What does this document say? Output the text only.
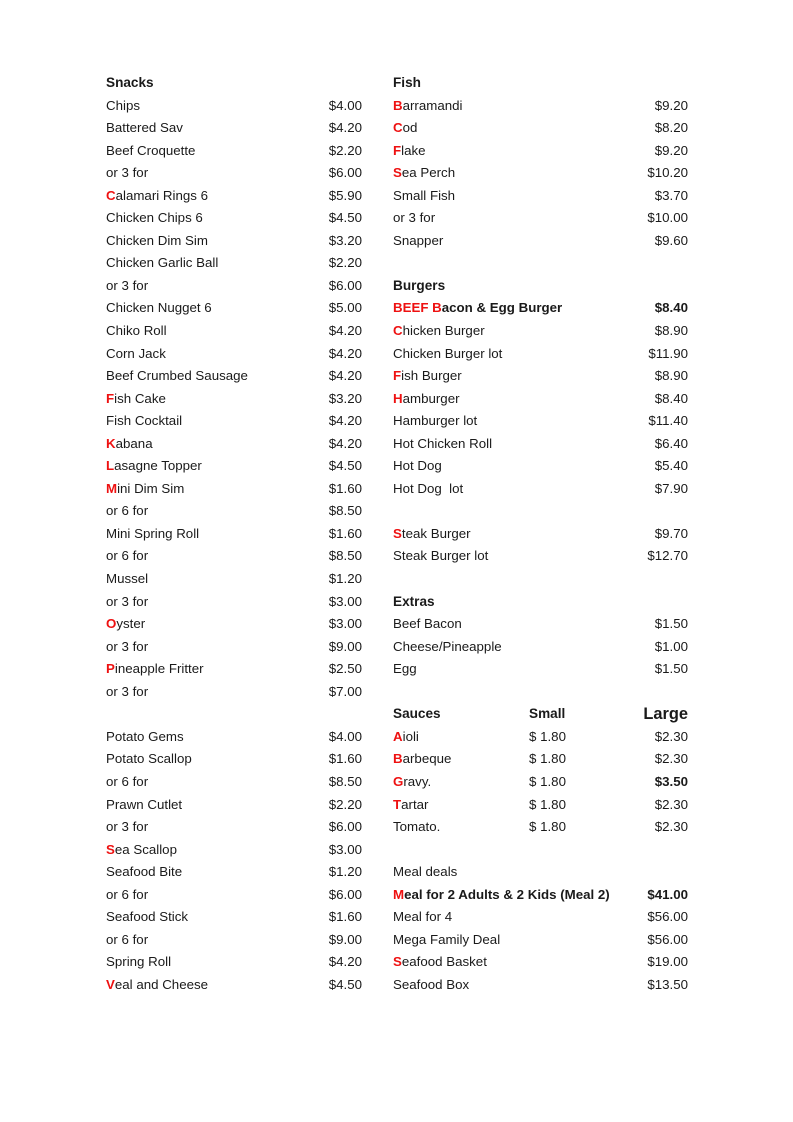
Snacks
Chips	$4.00
Battered Sav	$4.20
Beef Croquette	$2.20
or 3 for	$6.00
Calamari Rings 6	$5.90
Chicken Chips 6	$4.50
Chicken Dim Sim	$3.20
Chicken Garlic Ball	$2.20
or 3 for	$6.00
Chicken Nugget 6	$5.00
Chiko Roll	$4.20
Corn Jack	$4.20
Beef Crumbed Sausage	$4.20
Fish Cake	$3.20
Fish Cocktail	$4.20
Kabana	$4.20
Lasagne Topper	$4.50
Mini Dim Sim	$1.60
or 6 for	$8.50
Mini Spring Roll	$1.60
or 6 for	$8.50
Mussel	$1.20
or 3 for	$3.00
Oyster	$3.00
or 3 for	$9.00
Pineapple Fritter	$2.50
or 3 for	$7.00
Potato Gems	$4.00
Potato Scallop	$1.60
or 6 for	$8.50
Prawn Cutlet	$2.20
or 3 for	$6.00
Sea Scallop	$3.00
Seafood Bite	$1.20
or 6 for	$6.00
Seafood Stick	$1.60
or 6 for	$9.00
Spring Roll	$4.20
Veal and Cheese	$4.50
Fish
Barramandi	$9.20
Cod	$8.20
Flake	$9.20
Sea Perch	$10.20
Small Fish	$3.70
or 3 for	$10.00
Snapper	$9.60
Burgers
BEEF Bacon & Egg Burger	$8.40
Chicken Burger	$8.90
Chicken Burger lot	$11.90
Fish Burger	$8.90
Hamburger	$8.40
Hamburger lot	$11.40
Hot Chicken Roll	$6.40
Hot Dog	$5.40
Hot Dog  lot	$7.90
Steak Burger	$9.70
Steak Burger lot	$12.70
Extras
Beef Bacon	$1.50
Cheese/Pineapple	$1.00
Egg	$1.50
Sauces	Small	Large
Aioli	$ 1.80	$2.30
Barbeque	$ 1.80	$2.30
Gravy.	$ 1.80	$3.50
Tartar	$ 1.80	$2.30
Tomato.	$ 1.80	$2.30
Meal deals
Meal for 2 Adults & 2 Kids (Meal 2)	$41.00
Meal for 4	$56.00
Mega Family Deal	$56.00
Seafood Basket	$19.00
Seafood Box	$13.50
